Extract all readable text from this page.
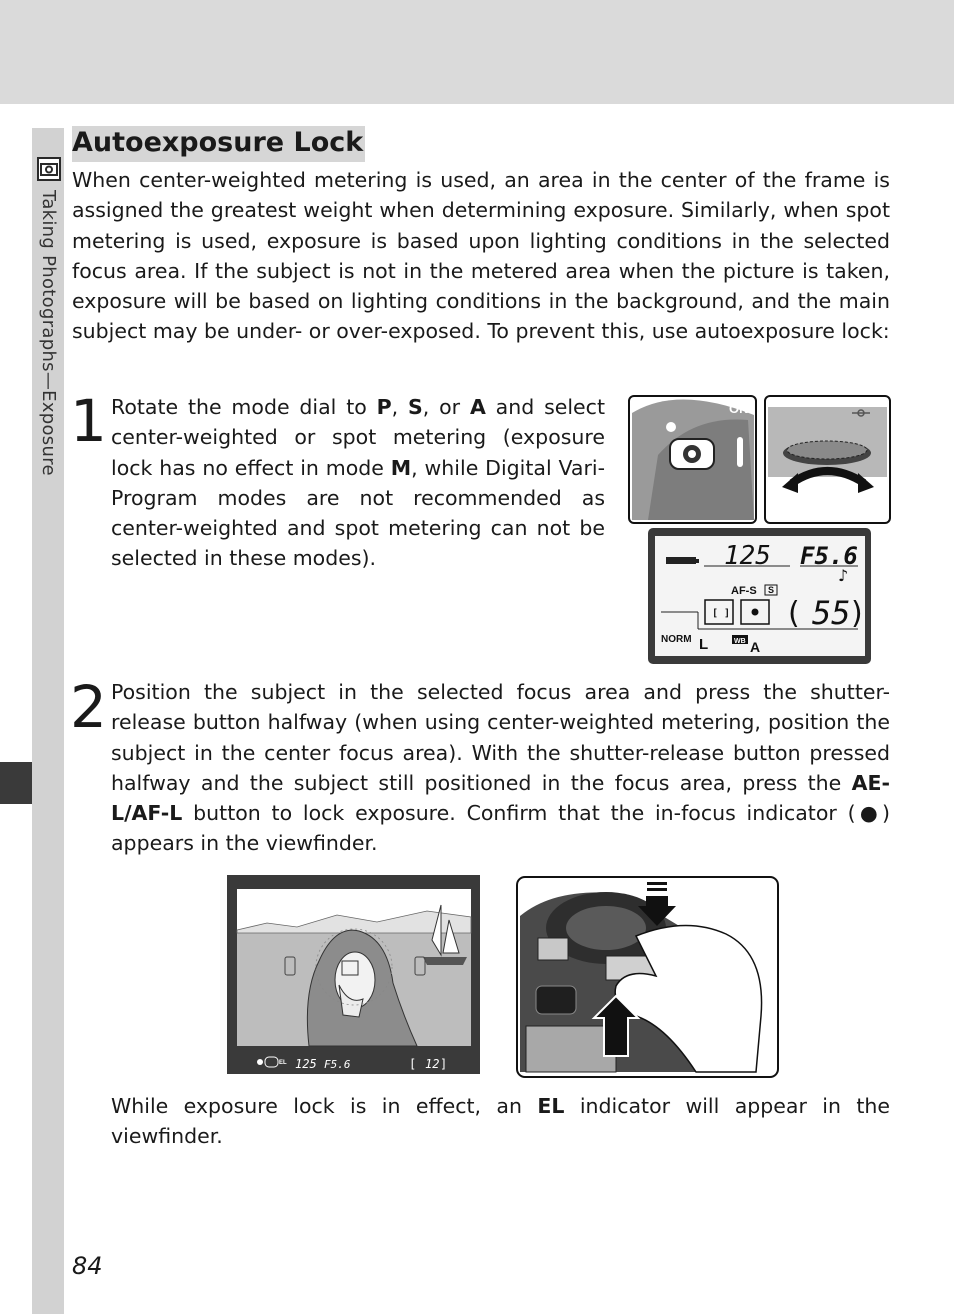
Taking Photographs—Exposure
Autoexposure Lock

When center-weighted metering is used, an area in the center of the frame is assigned the greatest weight when determining exposure. Similarly, when spot metering is used, exposure is based upon lighting conditions in the selected focus area. If the subject is not in the metered area when the picture is taken, exposure will be based on lighting conditions in the background, and the main subject may be under- or over-exposed. To prevent this, use autoexposure lock:

1 Rotate the mode dial to P, S, or A and select center-weighted or spot metering (exposure lock has no effect in mode M, while Digital Vari-Program modes are not recommended as center-weighted and spot metering can not be selected in these modes).

ON
125 F5.6
♪
AF-S S
[ ] ( 55 )
NORM L	WB A
2 Position the subject in the selected focus area and press the shutter-release button halfway (when using center-weighted metering, position the subject in the center focus area). With the shutter-release button pressed halfway and the subject still positioned in the focus area, press the AE-L/AF-L button to lock exposure. Confirm that the in-focus indicator (●) appears in the viewfinder.

EL 125 F5.6	[ 12 ]

While exposure lock is in effect, an EL indicator will appear in the viewfinder.

84
